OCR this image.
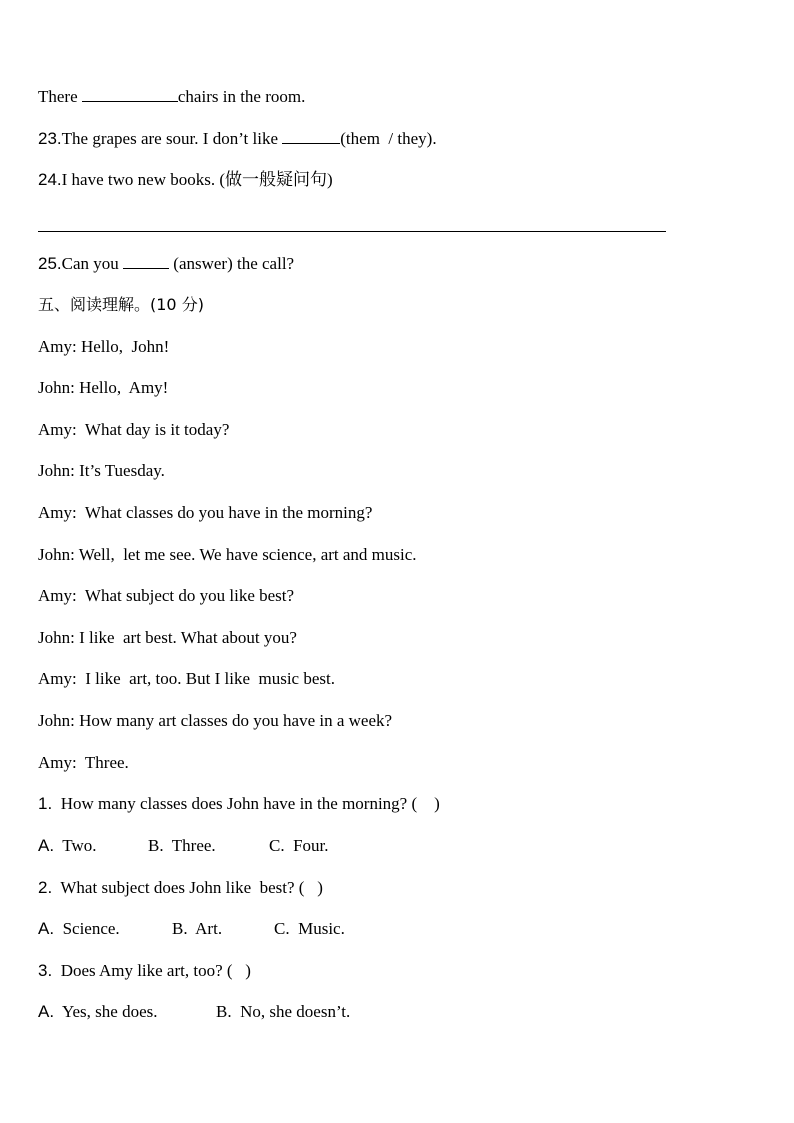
There	chairs in the room.
23.The grapes are sour. I don’t like	(them  / they).
24.I have two new books. (做一般疑问句)
25.Can you	(answer) the call?
五、阅读理解。(10 分)
Amy: Hello,  John!
John: Hello,  Amy!
Amy:  What day is it today?
John: It’s Tuesday.
Amy:  What classes do you have in the morning?
John: Well,  let me see. We have science, art and music.
Amy:  What subject do you like best?
John: I like  art best. What about you?
Amy:  I like  art, too. But I like  music best.
John: How many art classes do you have in a week?
Amy:  Three.
1. How many classes does John have in the morning? (    )
A. Two.	B. Three.	C. Four.
2. What subject does John like  best? (   )
A. Science.	B. Art.	C. Music.
3. Does Amy like art, too? (   )
A. Yes, she does.	B. No, she doesn’t.
